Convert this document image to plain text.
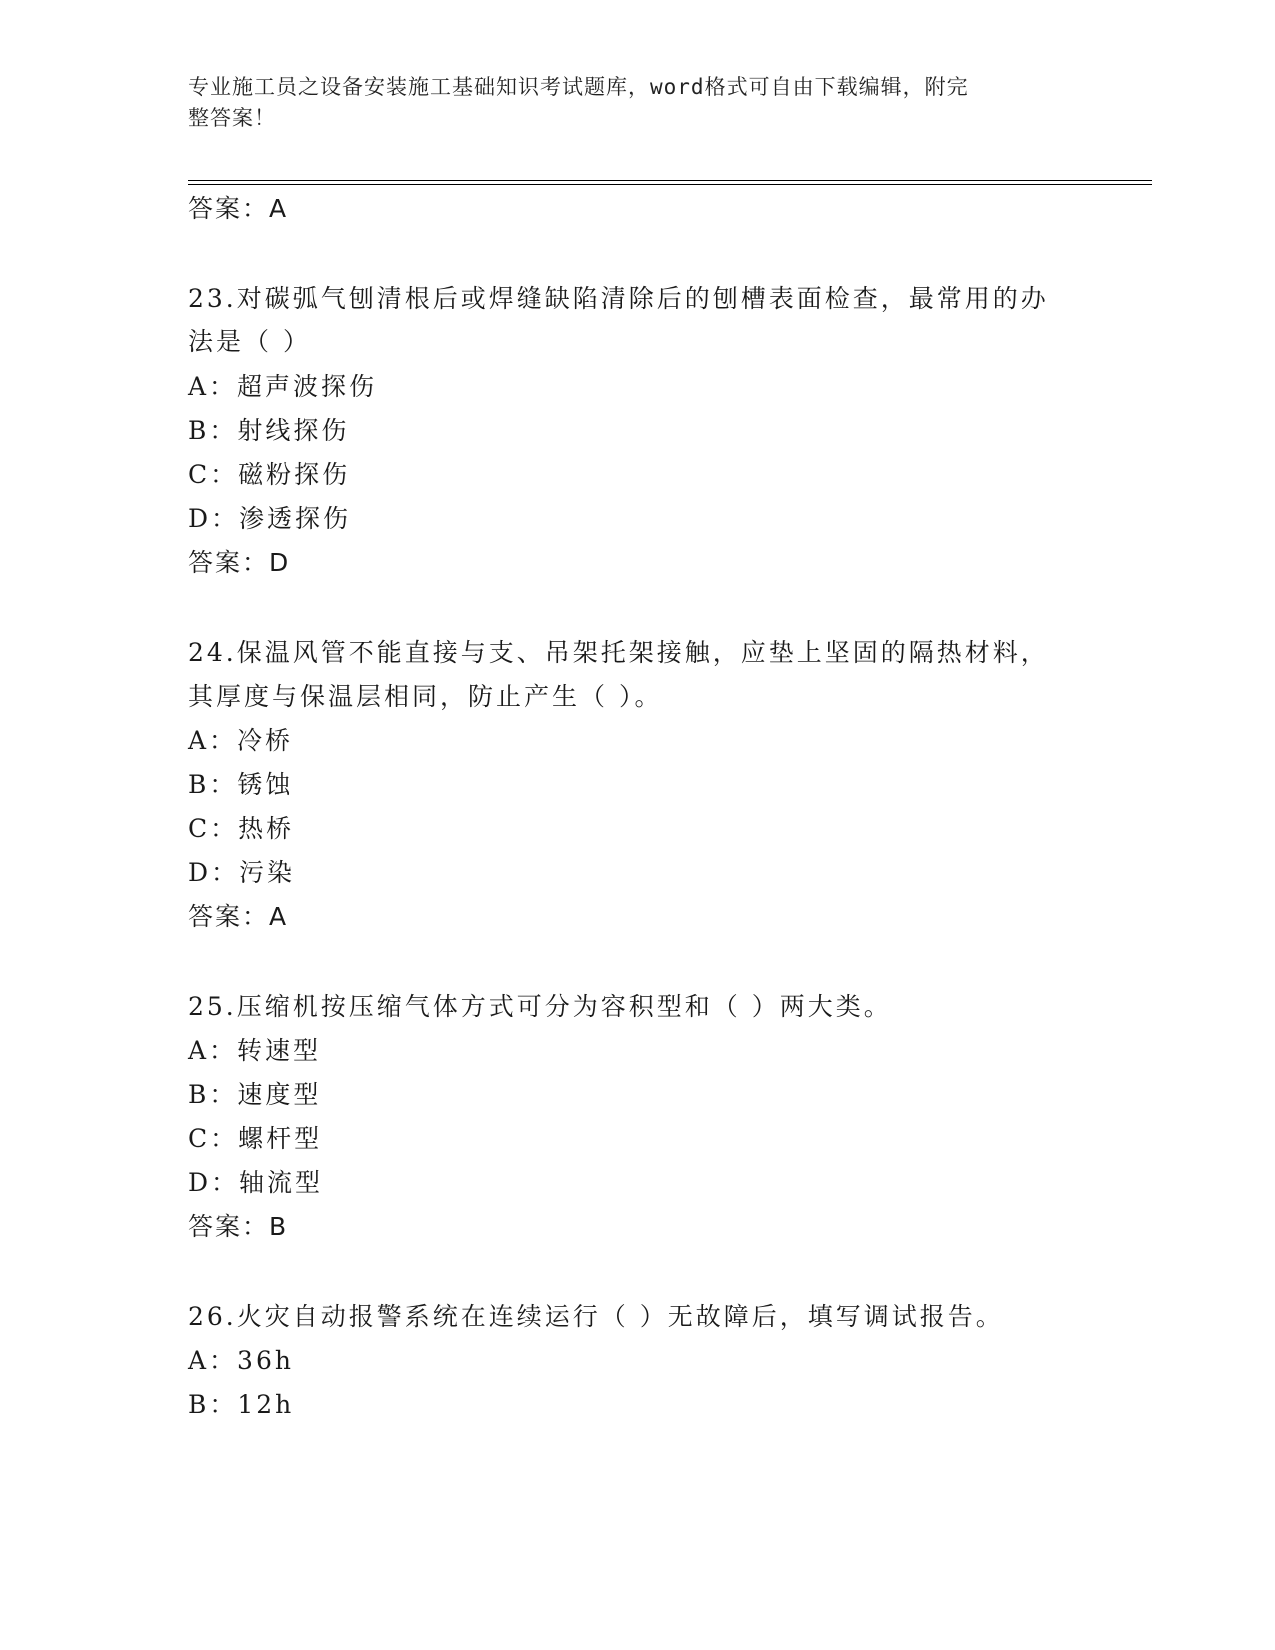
专业施工员之设备安装施工基础知识考试题库，word格式可自由下载编辑，附完
整答案！
答案：A
23.对碳弧气刨清根后或焊缝缺陷清除后的刨槽表面检查，最常用的办
法是（ ）
A：超声波探伤
B：射线探伤
C：磁粉探伤
D：渗透探伤
答案：D
24.保温风管不能直接与支、吊架托架接触，应垫上坚固的隔热材料，
其厚度与保温层相同，防止产生（ ）。
A：冷桥
B：锈蚀
C：热桥
D：污染
答案：A
25.压缩机按压缩气体方式可分为容积型和（ ）两大类。
A：转速型
B：速度型
C：螺杆型
D：轴流型
答案：B
26.火灾自动报警系统在连续运行（ ）无故障后，填写调试报告。
A：36h
B：12h
